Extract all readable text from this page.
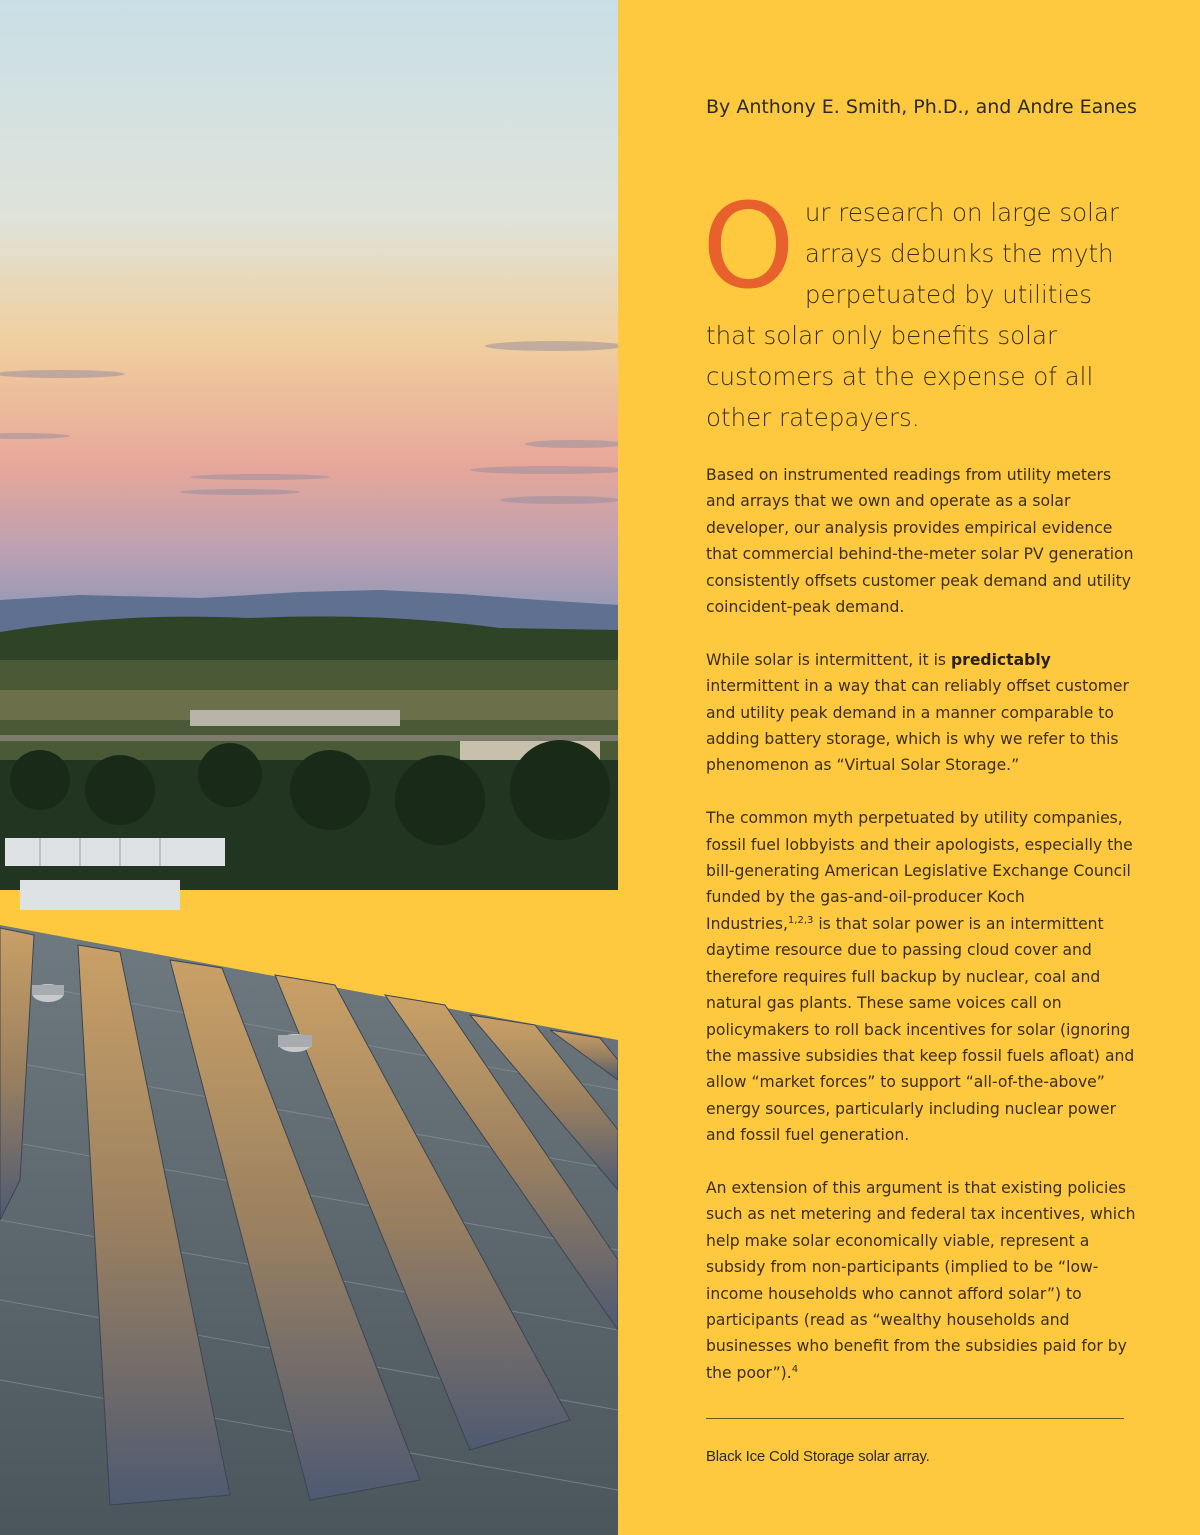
By Anthony E. Smith, Ph.D., and Andre Eanes
Our research on large solar arrays debunks the myth perpetuated by utilities that solar only benefits solar customers at the expense of all other ratepayers.

Based on instrumented readings from utility meters and arrays that we own and operate as a solar developer, our analysis provides empirical evidence that commercial behind-the-meter solar PV generation consistently offsets customer peak demand and utility coincident-peak demand.

While solar is intermittent, it is predictably intermittent in a way that can reliably offset customer and utility peak demand in a manner comparable to adding battery storage, which is why we refer to this phenomenon as “Virtual Solar Storage.”

The common myth perpetuated by utility companies, fossil fuel lobbyists and their apologists, especially the bill-generating American Legislative Exchange Council funded by the gas-and-oil-producer Koch Industries,$^{1,2,3}$ is that solar power is an intermittent daytime resource due to passing cloud cover and therefore requires full backup by nuclear, coal and natural gas plants. These same voices call on policymakers to roll back incentives for solar (ignoring the massive subsidies that keep fossil fuels afloat) and allow “market forces” to support “all-of-the-above” energy sources, particularly including nuclear power and fossil fuel generation.

An extension of this argument is that existing policies such as net metering and federal tax incentives, which help make solar economically viable, represent a subsidy from non-participants (implied to be “low-income households who cannot afford solar”) to participants (read as “wealthy households and businesses who benefit from the subsidies paid for by the poor”).$^4$

Black Ice Cold Storage solar array.
